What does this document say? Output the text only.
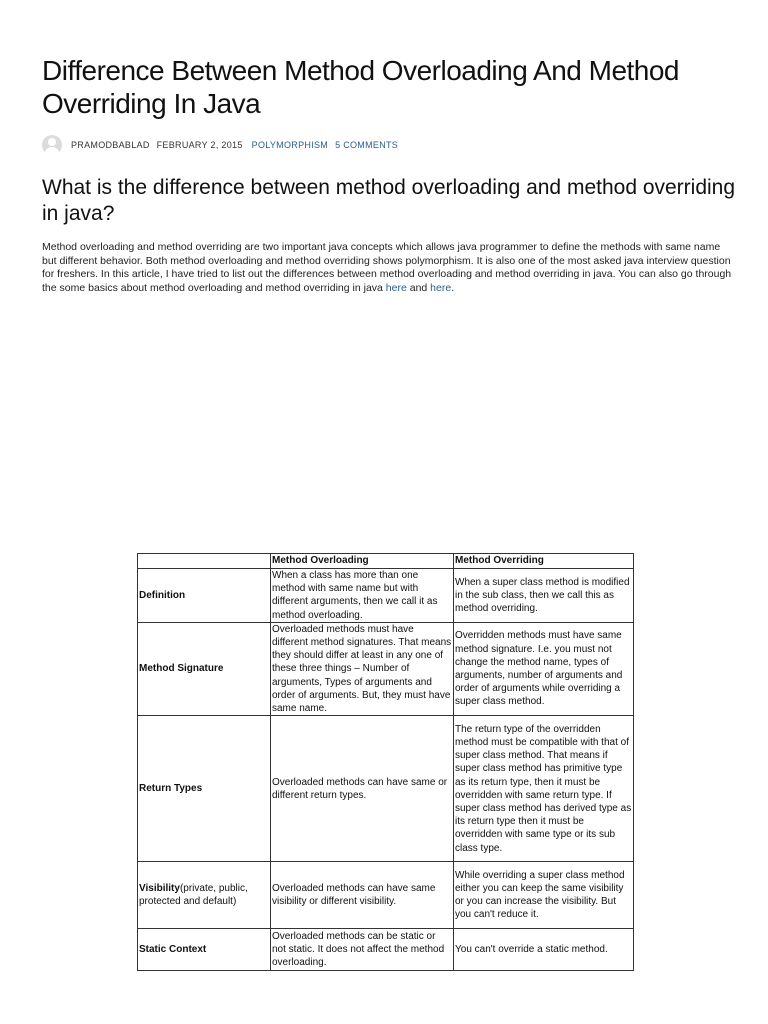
Difference Between Method Overloading And Method Overriding In Java
PRAMODBABLAD FEBRUARY 2, 2015 POLYMORPHISM 5 COMMENTS
What is the difference between method overloading and method overriding in java?

Method overloading and method overriding are two important java concepts which allows java programmer to define the methods with same name but different behavior. Both method overloading and method overriding shows polymorphism. It is also one of the most asked java interview question for freshers. In this article, I have tried to list out the differences between method overloading and method overriding in java. You can also go through the some basics about method overloading and method overriding in java here and here.

	Method Overloading	Method Overriding
Definition	When a class has more than one method with same name but with different arguments, then we call it as method overloading.	When a super class method is modified in the sub class, then we call this as method overriding.
Method Signature	Overloaded methods must have different method signatures. That means they should differ at least in any one of these three things – Number of arguments, Types of arguments and order of arguments. But, they must have same name.	Overridden methods must have same method signature. I.e. you must not change the method name, types of arguments, number of arguments and order of arguments while overriding a super class method.
Return Types	Overloaded methods can have same or different return types.	The return type of the overridden method must be compatible with that of super class method. That means if super class method has primitive type as its return type, then it must be overridden with same return type. If super class method has derived type as its return type then it must be overridden with same type or its sub class type.
Visibility(private, public, protected and default)	Overloaded methods can have same visibility or different visibility.	While overriding a super class method either you can keep the same visibility or you can increase the visibility. But you can't reduce it.
Static Context	Overloaded methods can be static or not static. It does not affect the method overloading.	You can't override a static method.
